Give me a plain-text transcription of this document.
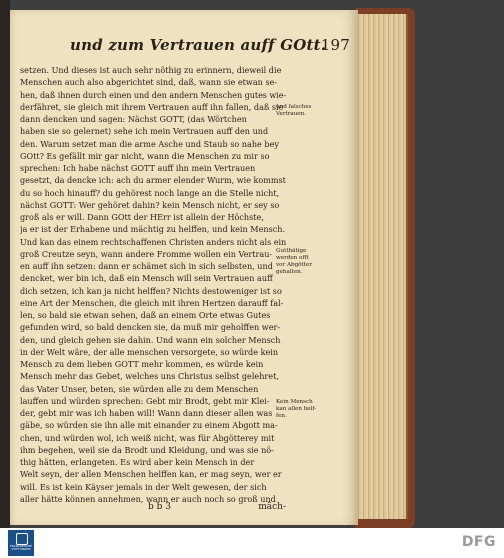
und zum Vertrauen auff GOtt.
197
setzen. Und dieses ist auch sehr nöthig zu erinnern, dieweil die
Menschen auch also abgerichtet sind, daß, wann sie etwan se-
hen, daß ihnen durch einen und den andern Menschen gutes wie-
derfähret, sie gleich mit ihrem Vertrauen auff ihn fallen, daß sie
dann dencken und sagen: Nächst GOTT, (das Wörtchen
haben sie so gelernet) sehe ich mein Vertrauen auff den und
den. Warum setzet man die arme Asche und Staub so nahe bey
GOtt? Es gefällt mir gar nicht, wann die Menschen zu mir so
sprechen: Ich habe nächst GOTT auff ihn mein Vertrauen
gesetzt, da dencke ich: ach du armer elender Wurm, wie kommst
du so hoch hinauff? du gehörest noch lange an die Stelle nicht,
nächst GOTT: Wer gehöret dahin? kein Mensch nicht, er sey so
groß als er will. Dann GOtt der HErr ist allein der Höchste,
ja er ist der Erhabene und mächtig zu helffen, und kein Mensch.
Und kan das einem rechtschaffenen Christen anders nicht als ein
groß Creutze seyn, wann andere Fromme wollen ein Vertrau-
en auff ihn setzen: dann er schämet sich in sich selbsten, und
dencket, wer bin ich, daß ein Mensch will sein Vertrauen auff
dich setzen, ich kan ja nicht helffen? Nichts destoweniger ist so
eine Art der Menschen, die gleich mit ihren Hertzen darauff fal-
len, so bald sie etwan sehen, daß an einem Orte etwas Gutes
gefunden wird, so bald dencken sie, da muß mir geholffen wer-
den, und gleich gehen sie dahin. Und wann ein solcher Mensch
in der Welt wäre, der alle menschen versorgete, so würde kein
Mensch zu dem lieben GOTT mehr kommen, es würde kein
Mensch mehr das Gebet, welches uns Christus selbst gelehret,
das Vater Unser, beten, sie würden alle zu dem Menschen
lauffen und würden sprechen: Gebt mir Brodt, gebt mir Klei-
der, gebt mir was ich haben will! Wann dann dieser allen was
gäbe, so würden sie ihn alle mit einander zu einem Abgott ma-
chen, und würden wol, ich weiß nicht, was für Abgötterey mit
ihm begehen, weil sie da Brodt und Kleidung, und was sie nö-
thig hätten, erlangeten. Es wird aber kein Mensch in der
Welt seyn, der allen Menschen helffen kan, er mag seyn, wer er
will. Es ist kein Käyser jemals in der Welt gewesen, der sich
aller hätte können annehmen, wann er auch noch so groß und
und falsches
Vertrauen.
Gutthätige
werden offt
vor Abgötter
gehalten.
Kein Mensch
kan allen helf-
fen.
b b 3	mäch-
FRANCKESCHE
STIFTUNGEN	DFG
